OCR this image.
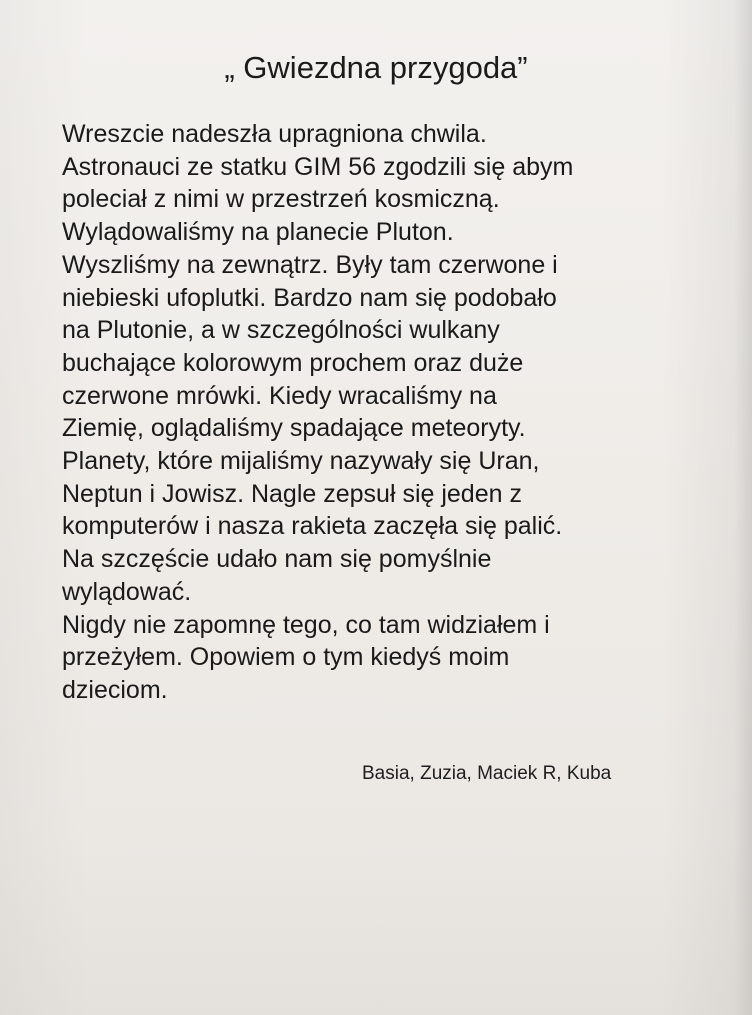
„ Gwiezdna przygoda”
Wreszcie nadeszła upragniona chwila.
Astronauci ze statku GIM 56 zgodzili się abym
poleciał z nimi w przestrzeń kosmiczną.
Wylądowaliśmy na planecie Pluton.
Wyszliśmy na zewnątrz. Były tam czerwone i
niebieski ufoplutki. Bardzo nam się podobało
na Plutonie, a w szczególności wulkany
buchające kolorowym prochem oraz duże
czerwone mrówki. Kiedy wracaliśmy na
Ziemię, oglądaliśmy spadające meteoryty.
Planety, które mijaliśmy nazywały się Uran,
Neptun i Jowisz. Nagle zepsuł się jeden z
komputerów i nasza rakieta zaczęła się palić.
Na szczęście udało nam się pomyślnie
wylądować.
Nigdy nie zapomnę tego, co tam widziałem i
przeżyłem. Opowiem o tym kiedyś moim
dzieciom.
Basia, Zuzia, Maciek R, Kuba
